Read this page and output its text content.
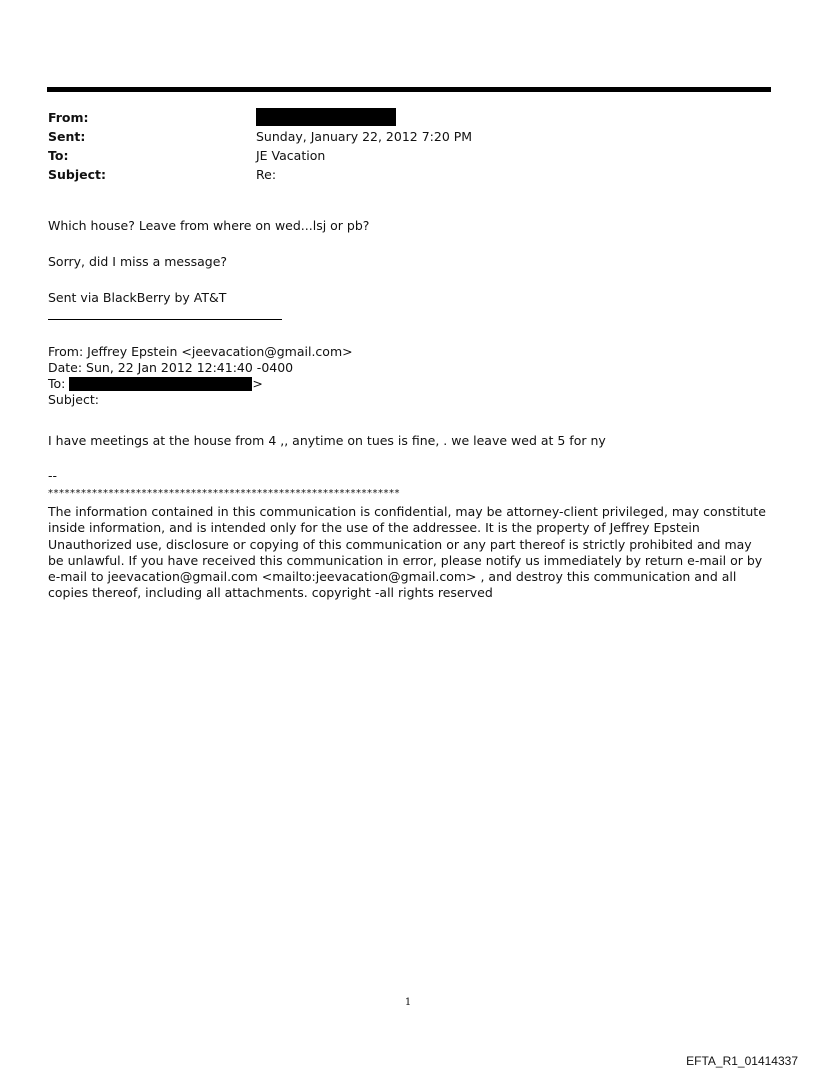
From:
Sent:	Sunday, January 22, 2012 7:20 PM
To:	JE Vacation
Subject:	Re:
Which house? Leave from where on wed...lsj or pb?
Sorry, did I miss a message?
Sent via BlackBerry by AT&T
From: Jeffrey Epstein <jeevacation@gmail.com>
Date: Sun, 22 Jan 2012 12:41:40 -0400
To:	>
Subject:
I have meetings at the house from 4 ,, anytime on tues is fine, . we leave wed at 5 for ny
--
****************************************************************
The information contained in this communication is confidential, may be attorney-client privileged, may constitute inside information, and is intended only for the use of the addressee. It is the property of Jeffrey Epstein Unauthorized use, disclosure or copying of this communication or any part thereof is strictly prohibited and may be unlawful. If you have received this communication in error, please notify us immediately by return e-mail or by e-mail to jeevacation@gmail.com <mailto:jeevacation@gmail.com> , and destroy this communication and all copies thereof, including all attachments. copyright -all rights reserved
1
EFTA_R1_01414337
